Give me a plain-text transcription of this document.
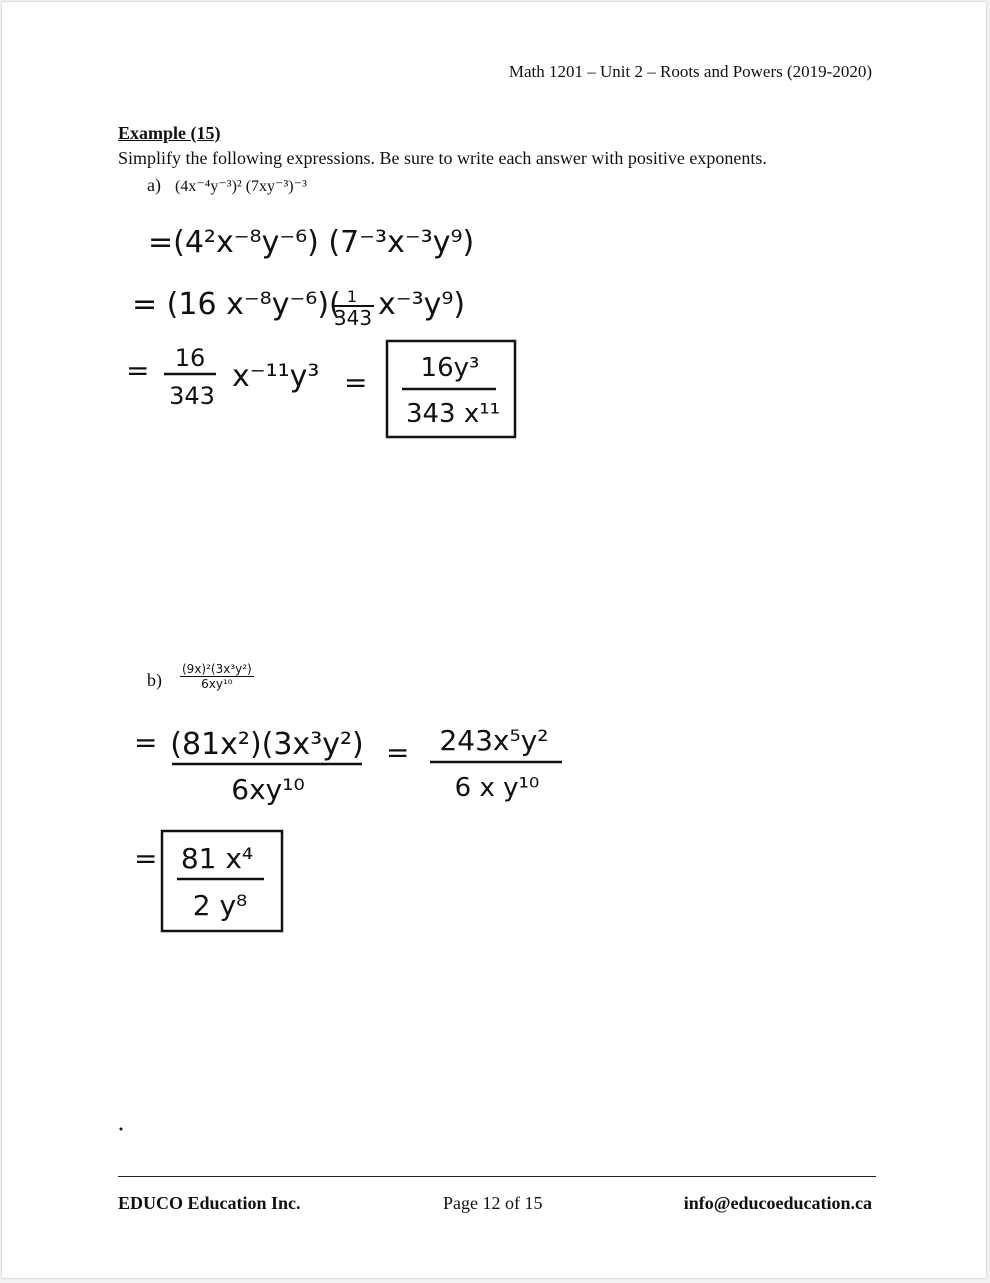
Math 1201 – Unit 2 – Roots and Powers (2019-2020)
Example (15)
Simplify the following expressions. Be sure to write each answer with positive exponents.
a) (4x⁻⁴y⁻³)² (7xy⁻³)⁻³
$b) \frac{\text{(9x)²(3x³y²)}}{\text{6xy¹⁰}}$
=(4²x⁻⁸y⁻⁶) (7⁻³x⁻³y⁹)
= (16 x⁻⁸y⁻⁶)( 1
343 x⁻³y⁹)
= 16
343
x⁻¹¹y³ = 16y³
343 x¹¹
= (81x²)(3x³y²)
6xy¹⁰
= 243x⁵y²
6 x y¹⁰
= 81 x⁴
2 y⁸
EDUCO Education Inc.	Page 12 of 15	info@educoeducation.ca
